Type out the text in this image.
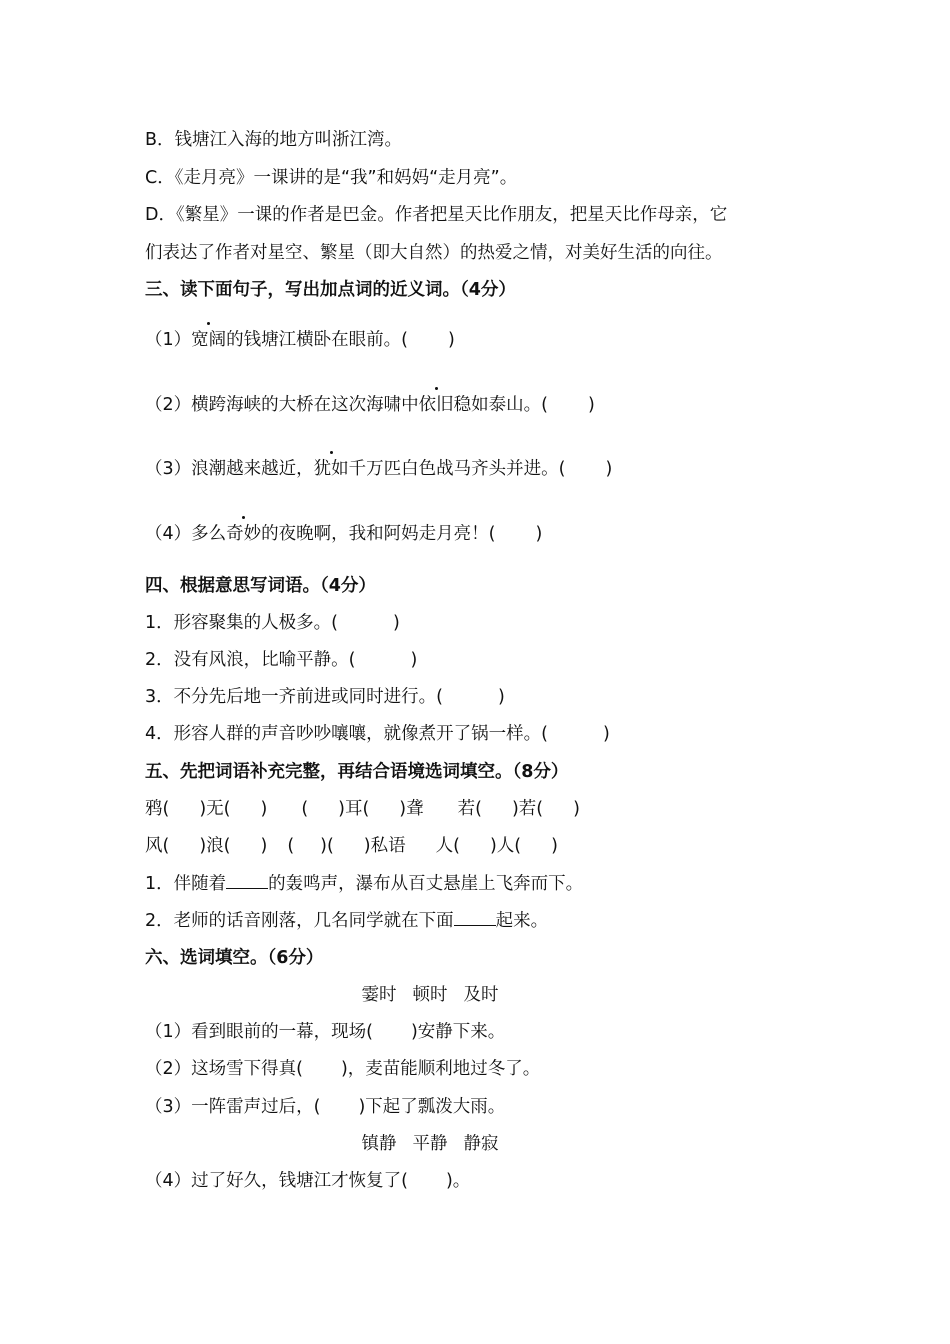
B．钱塘江入海的地方叫浙江湾。
C．《走月亮》一课讲的是“我”和妈妈“走月亮”。
D．《繁星》一课的作者是巴金。作者把星天比作朋友，把星天比作母亲，它
们表达了作者对星空、繁星（即大自然）的热爱之情，对美好生活的向往。
三、读下面句子，写出加点词的近义词。（4分）
（1）宽阔的钱塘江横卧在眼前。( )
（2）横跨海峡的大桥在这次海啸中依旧稳如泰山。( )
（3）浪潮越来越近，犹如千万匹白色战马齐头并进。( )
（4）多么奇妙的夜晚啊，我和阿妈走月亮！( )
四、根据意思写词语。（4分）
1．形容聚集的人极多。(	)
2．没有风浪，比喻平静。(	)
3．不分先后地一齐前进或同时进行。(	)
4．形容人群的声音吵吵嚷嚷，就像煮开了锅一样。(	)
五、先把词语补充完整，再结合语境选词填空。（8分）
鸦( )无( ) ( )耳( )聋 若( )若( )
风( )浪( ) ( )( )私语 人( )人( )
1．伴随着 的轰鸣声，瀑布从百丈悬崖上飞奔而下。
2．老师的话音刚落，几名同学就在下面 起来。
六、选词填空。（6分）
霎时 顿时 及时
（1）看到眼前的一幕，现场( )安静下来。
（2）这场雪下得真( )，麦苗能顺利地过冬了。
（3）一阵雷声过后，( )下起了瓢泼大雨。
镇静 平静 静寂
（4）过了好久，钱塘江才恢复了( )。
